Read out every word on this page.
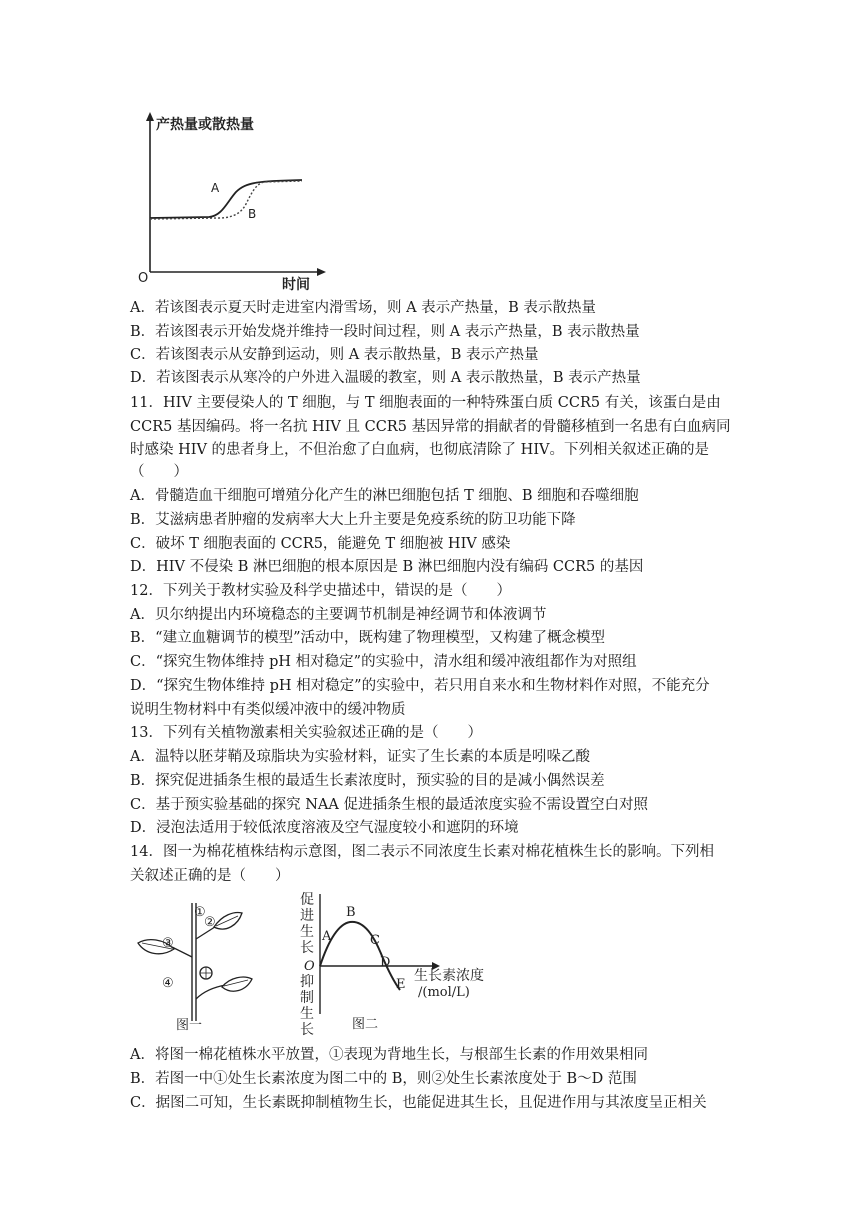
产热量或散热量
O	时间
A
B
A．若该图表示夏天时走进室内滑雪场，则 A 表示产热量，B 表示散热量
B．若该图表示开始发烧并维持一段时间过程，则 A 表示产热量，B 表示散热量
C．若该图表示从安静到运动，则 A 表示散热量，B 表示产热量
D．若该图表示从寒冷的户外进入温暖的教室，则 A 表示散热量，B 表示产热量
11．HIV 主要侵染人的 T 细胞，与 T 细胞表面的一种特殊蛋白质 CCR5 有关，该蛋白是由
CCR5 基因编码。将一名抗 HIV 且 CCR5 基因异常的捐献者的骨髓移植到一名患有白血病同
时感染 HIV 的患者身上，不但治愈了白血病，也彻底清除了 HIV。下列相关叙述正确的是
（　　）
A．骨髓造血干细胞可增殖分化产生的淋巴细胞包括 T 细胞、B 细胞和吞噬细胞
B．艾滋病患者肿瘤的发病率大大上升主要是免疫系统的防卫功能下降
C．破坏 T 细胞表面的 CCR5，能避免 T 细胞被 HIV 感染
D．HIV 不侵染 B 淋巴细胞的根本原因是 B 淋巴细胞内没有编码 CCR5 的基因
12．下列关于教材实验及科学史描述中，错误的是（　　）
A．贝尔纳提出内环境稳态的主要调节机制是神经调节和体液调节
B．“建立血糖调节的模型”活动中，既构建了物理模型，又构建了概念模型
C．“探究生物体维持 pH 相对稳定”的实验中，清水组和缓冲液组都作为对照组
D．“探究生物体维持 pH 相对稳定”的实验中，若只用自来水和生物材料作对照，不能充分
说明生物材料中有类似缓冲液中的缓冲物质
13．下列有关植物激素相关实验叙述正确的是（　　）
A．温特以胚芽鞘及琼脂块为实验材料，证实了生长素的本质是吲哚乙酸
B．探究促进插条生根的最适生长素浓度时，预实验的目的是减小偶然误差
C．基于预实验基础的探究 NAA 促进插条生根的最适浓度实验不需设置空白对照
D．浸泡法适用于较低浓度溶液及空气湿度较小和遮阴的环境
14．图一为棉花植株结构示意图，图二表示不同浓度生长素对棉花植株生长的影响。下列相
关叙述正确的是（　　）
①
②
③
④
图一
促
进
生
长
O
抑
制
生
长
A
B
C
D
E
生长素浓度
/(mol/L)
图二
A．将图一棉花植株水平放置，①表现为背地生长，与根部生长素的作用效果相同
B．若图一中①处生长素浓度为图二中的 B，则②处生长素浓度处于 B～D 范围
C．据图二可知，生长素既抑制植物生长，也能促进其生长，且促进作用与其浓度呈正相关
